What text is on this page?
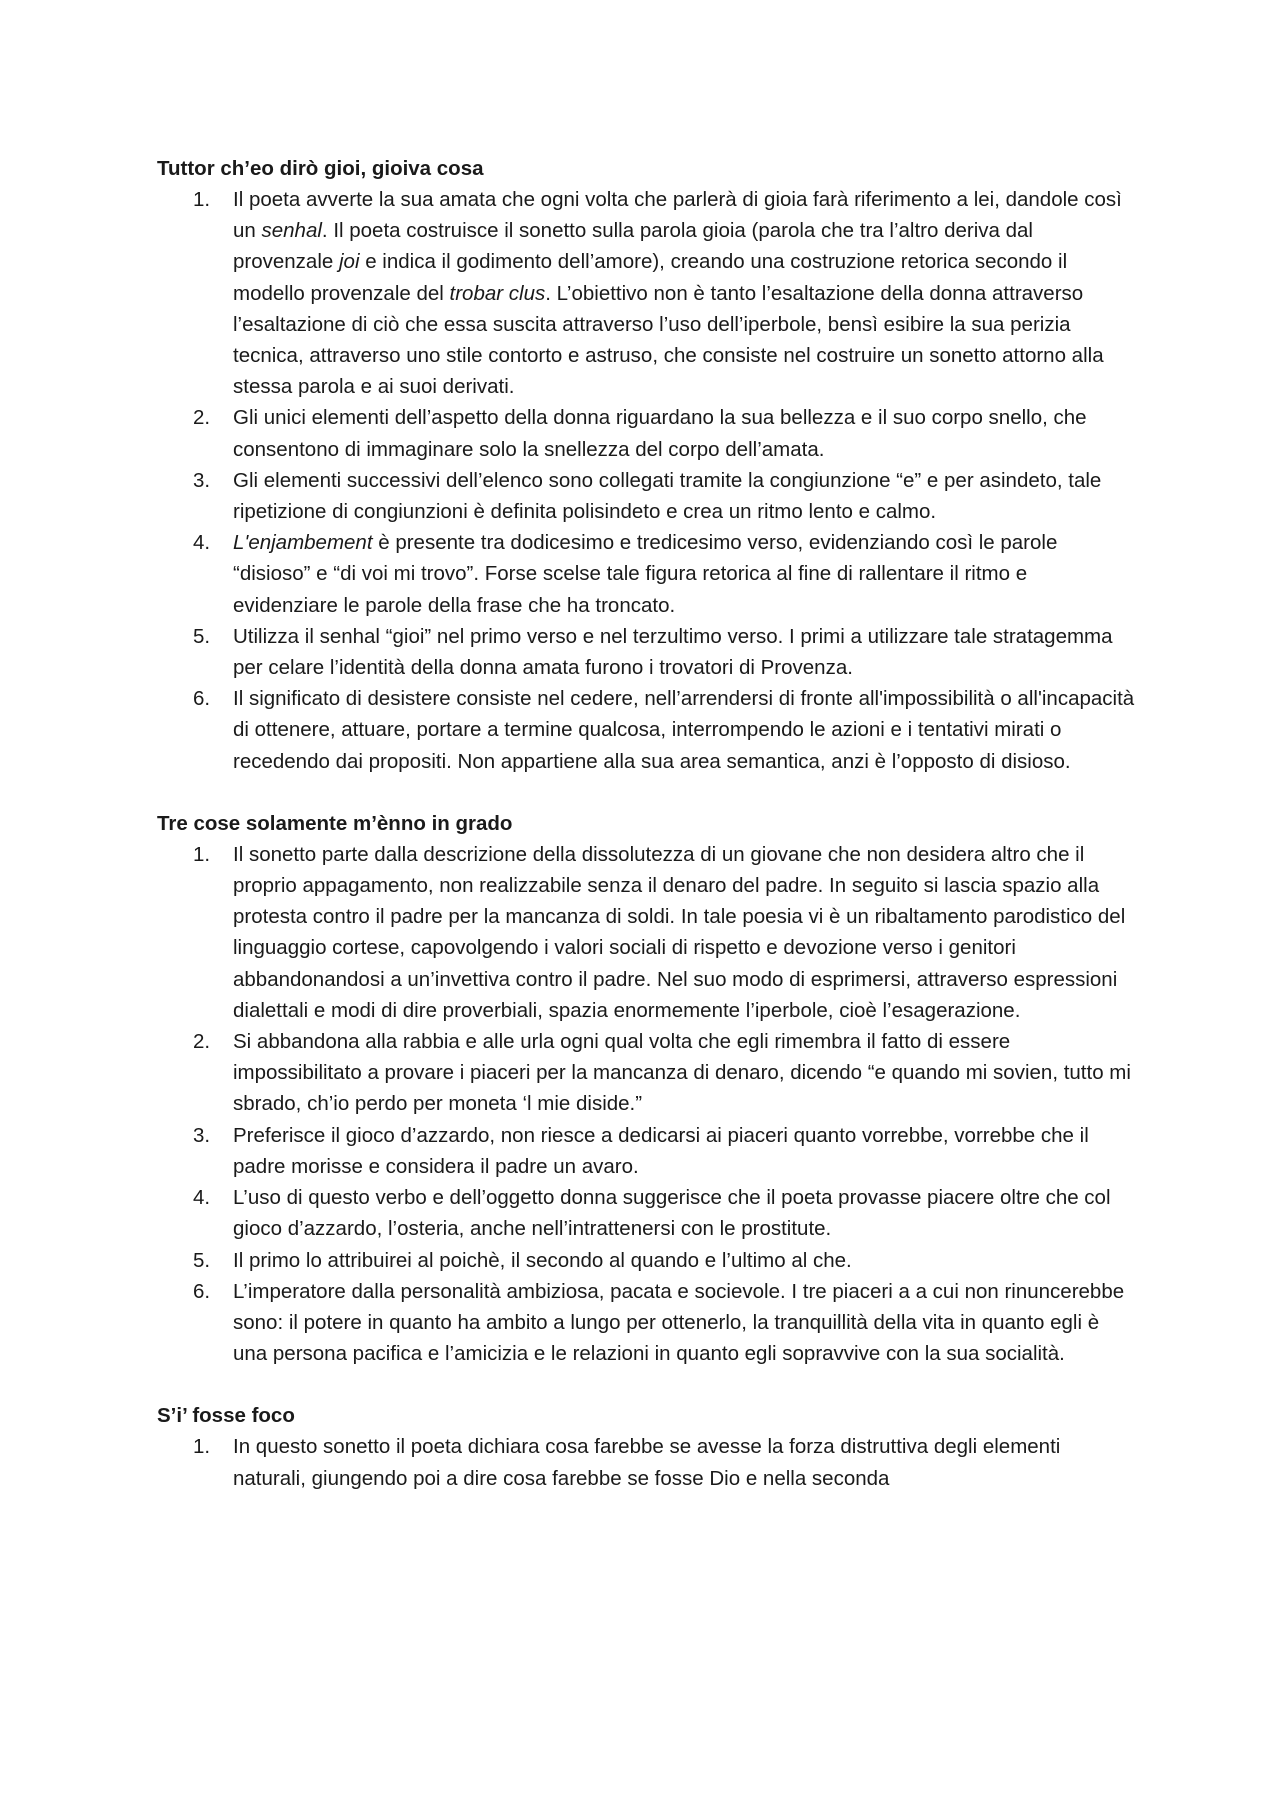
Tuttor ch’eo dirò gioi, gioiva cosa

1. Il poeta avverte la sua amata che ogni volta che parlerà di gioia farà riferimento a lei, dandole così un senhal. Il poeta costruisce il sonetto sulla parola gioia (parola che tra l’altro deriva dal provenzale joi e indica il godimento dell’amore), creando una costruzione retorica secondo il modello provenzale del trobar clus. L’obiettivo non è tanto l’esaltazione della donna attraverso l’esaltazione di ciò che essa suscita attraverso l’uso dell’iperbole, bensì esibire la sua perizia tecnica, attraverso uno stile contorto e astruso, che consiste nel costruire un sonetto attorno alla stessa parola e ai suoi derivati.
2. Gli unici elementi dell’aspetto della donna riguardano la sua bellezza e il suo corpo snello, che consentono di immaginare solo la snellezza del corpo dell’amata.
3. Gli elementi successivi dell’elenco sono collegati tramite la congiunzione “e” e per asindeto, tale ripetizione di congiunzioni è definita polisindeto e crea un ritmo lento e calmo.
4. L'enjambement è presente tra dodicesimo e tredicesimo verso, evidenziando così le parole “disioso” e “di voi mi trovo”. Forse scelse tale figura retorica al fine di rallentare il ritmo e evidenziare le parole della frase che ha troncato.
5. Utilizza il senhal “gioi” nel primo verso e nel terzultimo verso. I primi a utilizzare tale stratagemma per celare l’identità della donna amata furono i trovatori di Provenza.
6. Il significato di desistere consiste nel cedere, nell’arrendersi di fronte all'impossibilità o all'incapacità di ottenere, attuare, portare a termine qualcosa, interrompendo le azioni e i tentativi mirati o recedendo dai propositi. Non appartiene alla sua area semantica, anzi è l’opposto di disioso.

Tre cose solamente m’ènno in grado

1. Il sonetto parte dalla descrizione della dissolutezza di un giovane che non desidera altro che il proprio appagamento, non realizzabile senza il denaro del padre. In seguito si lascia spazio alla protesta contro il padre per la mancanza di soldi. In tale poesia vi è un ribaltamento parodistico del linguaggio cortese, capovolgendo i valori sociali di rispetto e devozione verso i genitori abbandonandosi a un’invettiva contro il padre. Nel suo modo di esprimersi, attraverso espressioni dialettali e modi di dire proverbiali, spazia enormemente l’iperbole, cioè l’esagerazione.
2. Si abbandona alla rabbia e alle urla ogni qual volta che egli rimembra il fatto di essere impossibilitato a provare i piaceri per la mancanza di denaro, dicendo “e quando mi sovien, tutto mi sbrado, ch’io perdo per moneta ‘l mie diside.”
3. Preferisce il gioco d’azzardo, non riesce a dedicarsi ai piaceri quanto vorrebbe, vorrebbe che il padre morisse e considera il padre un avaro.
4. L’uso di questo verbo e dell’oggetto donna suggerisce che il poeta provasse piacere oltre che col gioco d’azzardo, l’osteria, anche nell’intrattenersi con le prostitute.
5. Il primo lo attribuirei al poichè, il secondo al quando e l’ultimo al che.
6. L’imperatore dalla personalità ambiziosa, pacata e socievole. I tre piaceri a a cui non rinuncerebbe sono: il potere in quanto ha ambito a lungo per ottenerlo, la tranquillità della vita in quanto egli è una persona pacifica e l’amicizia e le relazioni in quanto egli sopravvive con la sua socialità.

S’i’ fosse foco

1. In questo sonetto il poeta dichiara cosa farebbe se avesse la forza distruttiva degli elementi naturali, giungendo poi a dire cosa farebbe se fosse Dio e nella seconda
